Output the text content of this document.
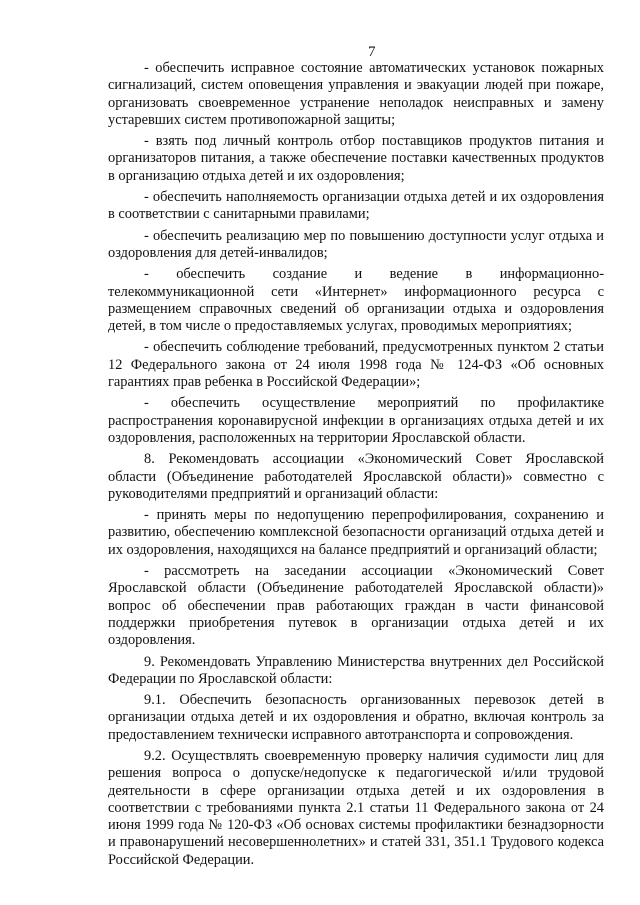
7

- обеспечить исправное состояние автоматических установок пожарных сигнализаций, систем оповещения управления и эвакуации людей при пожаре, организовать своевременное устранение неполадок неисправных и замену устаревших систем противопожарной защиты;

- взять под личный контроль отбор поставщиков продуктов питания и организаторов питания, а также обеспечение поставки качественных продуктов в организацию отдыха детей и их оздоровления;

- обеспечить наполняемость организации отдыха детей и их оздоровления в соответствии с санитарными правилами;

- обеспечить реализацию мер по повышению доступности услуг отдыха и оздоровления для детей-инвалидов;

- обеспечить создание и ведение в информационно-телекоммуникационной сети «Интернет» информационного ресурса с размещением справочных сведений об организации отдыха и оздоровления детей, в том числе о предоставляемых услугах, проводимых мероприятиях;

- обеспечить соблюдение требований, предусмотренных пунктом 2 статьи 12 Федерального закона от 24 июля 1998 года № 124-ФЗ «Об основных гарантиях прав ребенка в Российской Федерации»;

- обеспечить осуществление мероприятий по профилактике распространения коронавирусной инфекции в организациях отдыха детей и их оздоровления, расположенных на территории Ярославской области.

8. Рекомендовать ассоциации «Экономический Совет Ярославской области (Объединение работодателей Ярославской области)» совместно с руководителями предприятий и организаций области:

- принять меры по недопущению перепрофилирования, сохранению и развитию, обеспечению комплексной безопасности организаций отдыха детей и их оздоровления, находящихся на балансе предприятий и организаций области;

- рассмотреть на заседании ассоциации «Экономический Совет Ярославской области (Объединение работодателей Ярославской области)» вопрос об обеспечении прав работающих граждан в части финансовой поддержки приобретения путевок в организации отдыха детей и их оздоровления.

9. Рекомендовать Управлению Министерства внутренних дел Российской Федерации по Ярославской области:

9.1. Обеспечить безопасность организованных перевозок детей в организации отдыха детей и их оздоровления и обратно, включая контроль за предоставлением технически исправного автотранспорта и сопровождения.

9.2. Осуществлять своевременную проверку наличия судимости лиц для решения вопроса о допуске/недопуске к педагогической и/или трудовой деятельности в сфере организации отдыха детей и их оздоровления в соответствии с требованиями пункта 2.1 статьи 11 Федерального закона от 24 июня 1999 года № 120-ФЗ «Об основах системы профилактики безнадзорности и правонарушений несовершеннолетних» и статей 331, 351.1 Трудового кодекса Российской Федерации.
